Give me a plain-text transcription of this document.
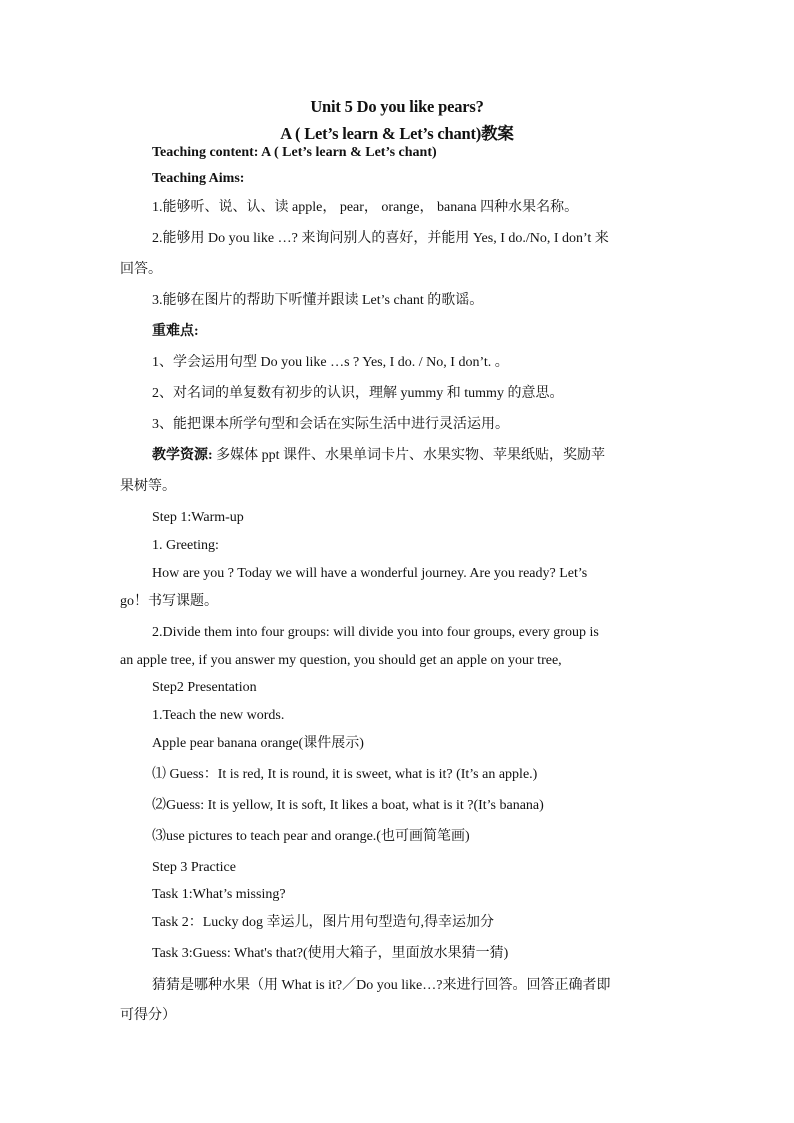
Unit 5 Do you like pears?
A ( Let’s learn & Let’s chant)教案
Teaching content: A ( Let’s learn & Let’s chant)
Teaching Aims:
1.能够听、说、认、读 apple， pear， orange， banana 四种水果名称。
2.能够用 Do you like …? 来询问别人的喜好，并能用 Yes, I do./No, I don’t 来
回答。
3.能够在图片的帮助下听懂并跟读 Let’s chant 的歌谣。
重难点:
1、学会运用句型 Do you like …s ? Yes, I do. / No, I don’t. 。
2、对名词的单复数有初步的认识，理解 yummy 和 tummy 的意思。
3、能把课本所学句型和会话在实际生活中进行灵活运用。
教学资源: 多媒体 ppt 课件、水果单词卡片、水果实物、苹果纸贴，奖励苹
果树等。
Step 1:Warm-up
1. Greeting:
How are you ? Today we will have a wonderful journey. Are you ready? Let’s
go！书写课题。
2.Divide them into four groups: will divide you into four groups, every group is
an apple tree, if you answer my question, you should get an apple on your tree,
Step2 Presentation
1.Teach the new words.
Apple pear banana orange(课件展示)
⑴ Guess：It is red, It is round, it is sweet, what is it? (It’s an apple.)
⑵Guess: It is yellow, It is soft, It likes a boat, what is it ?(It’s banana)
⑶use pictures to teach pear and orange.(也可画简笔画)
Step 3 Practice
Task 1:What’s missing?
Task 2：Lucky dog 幸运儿，图片用句型造句,得幸运加分
Task 3:Guess: What's that?(使用大箱子，里面放水果猜一猜)
猜猜是哪种水果（用 What is it?／Do you like…?来进行回答。回答正确者即
可得分）
